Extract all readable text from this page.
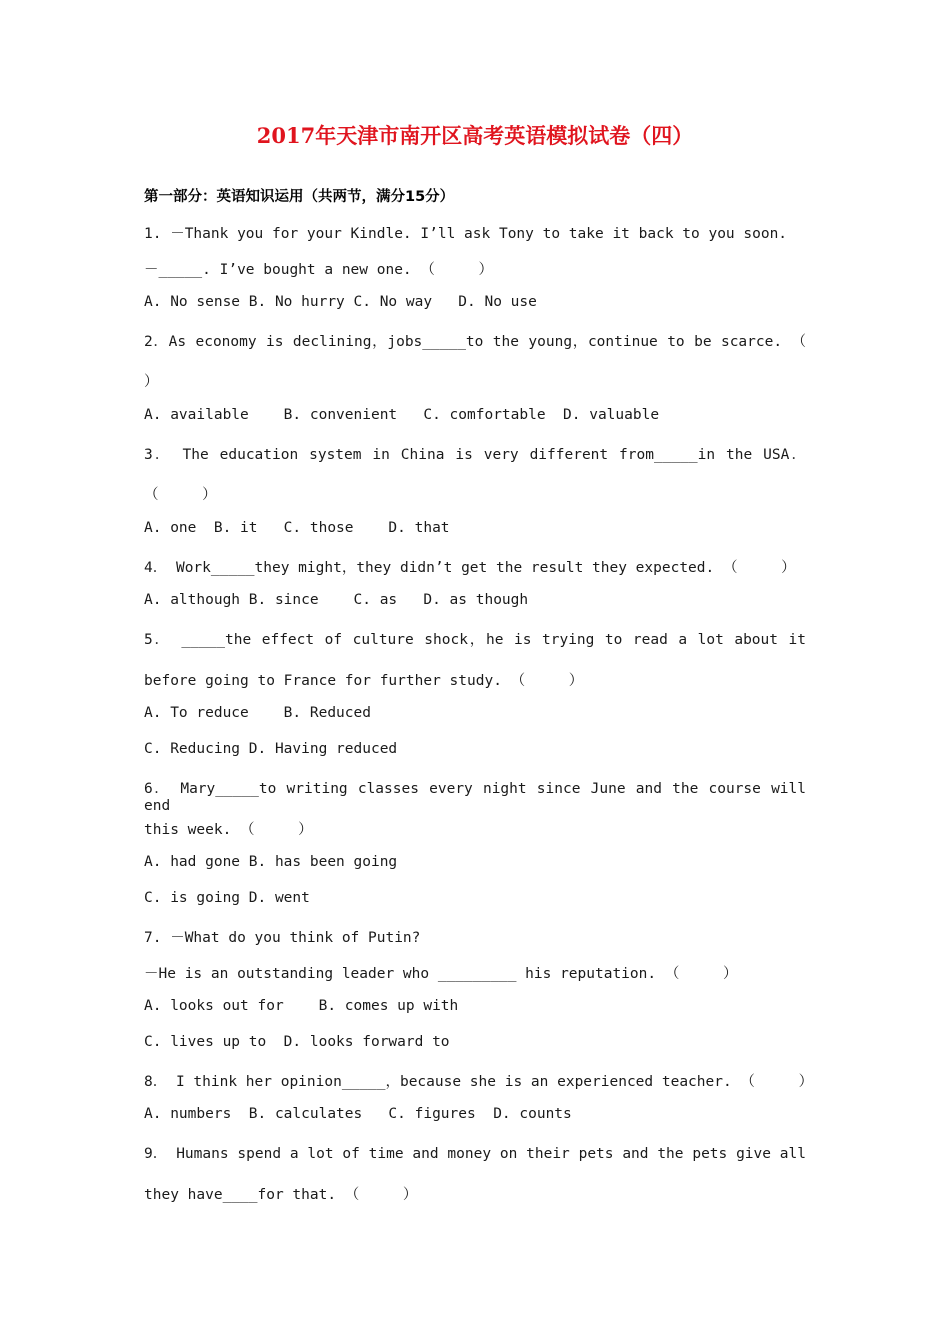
2017年天津市南开区高考英语模拟试卷（四）
第一部分：英语知识运用（共两节，满分15分）
1. －Thank you for your Kindle. I’ll ask Tony to take it back to you soon.
－_____. I’ve bought a new one. （     ）
A. No sense B. No hurry C. No way   D. No use
2．As economy is declining，jobs_____to the young，continue to be scarce. （
）
A. available    B. convenient   C. comfortable  D. valuable
3． The education system in China is very different from_____in the USA．
（     ）
A. one  B. it   C. those    D. that
4． Work_____they might，they didn’t get the result they expected. （     ）
A. although B. since    C. as   D. as though
5． _____the effect of culture shock，he is trying to read a lot about it
before going to France for further study. （     ）
A. To reduce    B. Reduced
C. Reducing D. Having reduced
6． Mary_____to writing classes every night since June and the course will end
this week. （     ）
A. had gone B. has been going
C. is going D. went
7. －What do you think of Putin?
－He is an outstanding leader who _________ his reputation. （     ）
A. looks out for    B. comes up with
C. lives up to  D. looks forward to
8． I think her opinion_____，because she is an experienced teacher. （     ）
A. numbers  B. calculates   C. figures  D. counts
9． Humans spend a lot of time and money on their pets and the pets give all
they have____for that. （     ）
